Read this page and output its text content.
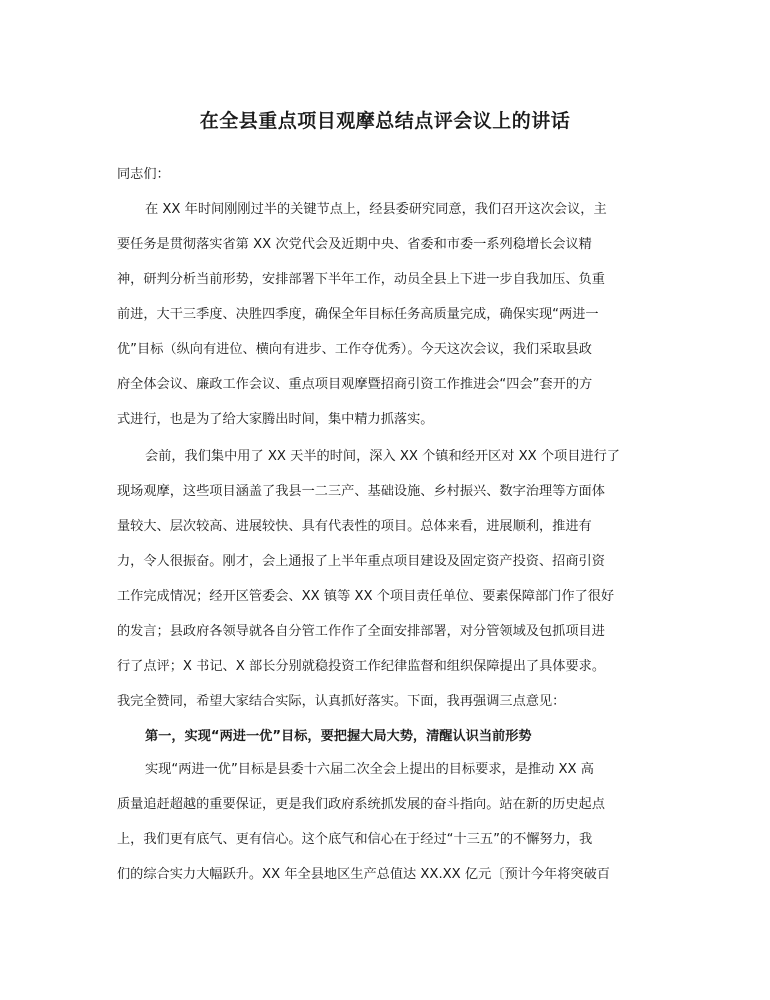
在全县重点项目观摩总结点评会议上的讲话
同志们：
在 XX 年时间刚刚过半的关键节点上，经县委研究同意，我们召开这次会议，主
要任务是贯彻落实省第 XX 次党代会及近期中央、省委和市委一系列稳增长会议精
神，研判分析当前形势，安排部署下半年工作，动员全县上下进一步自我加压、负重
前进，大干三季度、决胜四季度，确保全年目标任务高质量完成，确保实现“两进一
优”目标（纵向有进位、横向有进步、工作夺优秀）。今天这次会议，我们采取县政
府全体会议、廉政工作会议、重点项目观摩暨招商引资工作推进会“四会”套开的方
式进行，也是为了给大家腾出时间，集中精力抓落实。
会前，我们集中用了 XX 天半的时间，深入 XX 个镇和经开区对 XX 个项目进行了
现场观摩，这些项目涵盖了我县一二三产、基础设施、乡村振兴、数字治理等方面体
量较大、层次较高、进展较快、具有代表性的项目。总体来看，进展顺利，推进有
力，令人很振奋。刚才，会上通报了上半年重点项目建设及固定资产投资、招商引资
工作完成情况；经开区管委会、XX 镇等 XX 个项目责任单位、要素保障部门作了很好
的发言；县政府各领导就各自分管工作作了全面安排部署，对分管领域及包抓项目进
行了点评；X 书记、X 部长分别就稳投资工作纪律监督和组织保障提出了具体要求。
我完全赞同，希望大家结合实际，认真抓好落实。下面，我再强调三点意见：
第一，实现“两进一优”目标，要把握大局大势，清醒认识当前形势
实现“两进一优”目标是县委十六届二次全会上提出的目标要求，是推动 XX 高
质量追赶超越的重要保证，更是我们政府系统抓发展的奋斗指向。站在新的历史起点
上，我们更有底气、更有信心。这个底气和信心在于经过“十三五”的不懈努力，我
们的综合实力大幅跃升。XX 年全县地区生产总值达 XX.XX 亿元〔预计今年将突破百
